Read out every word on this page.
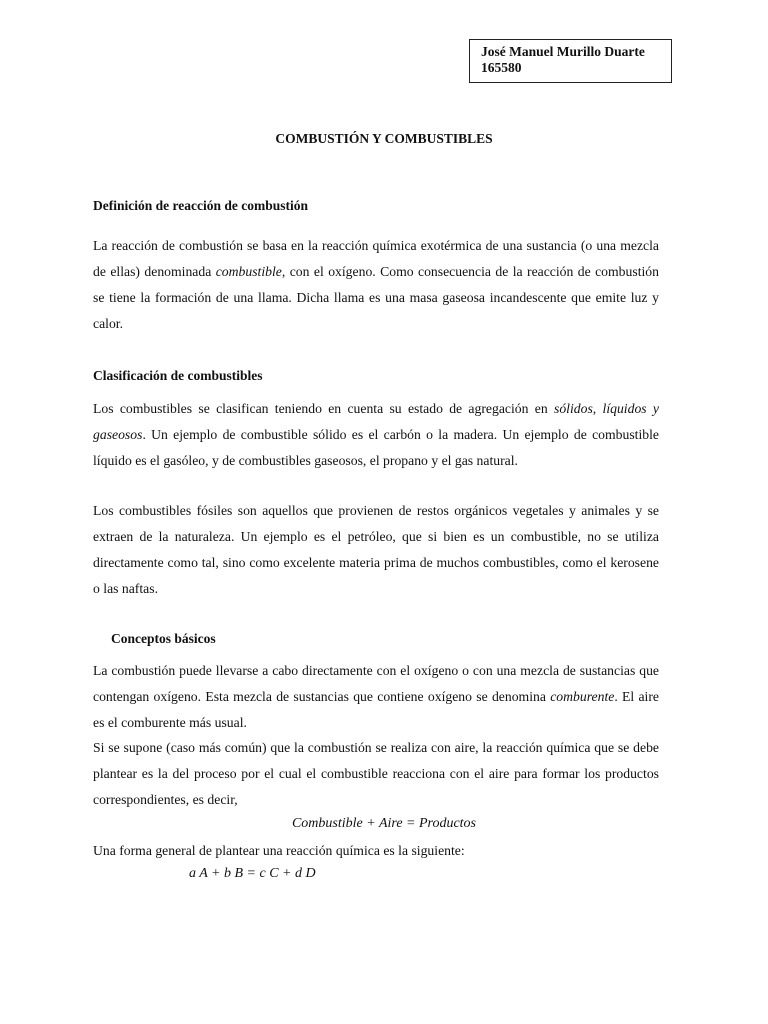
José Manuel Murillo Duarte
165580
COMBUSTIÓN Y COMBUSTIBLES
Definición de reacción de combustión

La reacción de combustión se basa en la reacción química exotérmica de una sustancia (o una mezcla de ellas) denominada combustible, con el oxígeno. Como consecuencia de la reacción de combustión se tiene la formación de una llama. Dicha llama es una masa gaseosa incandescente que emite luz y calor.

Clasificación de combustibles

Los combustibles se clasifican teniendo en cuenta su estado de agregación en sólidos, líquidos y gaseosos. Un ejemplo de combustible sólido es el carbón o la madera. Un ejemplo de combustible líquido es el gasóleo, y de combustibles gaseosos, el propano y el gas natural.

Los combustibles fósiles son aquellos que provienen de restos orgánicos vegetales y animales y se extraen de la naturaleza. Un ejemplo es el petróleo, que si bien es un combustible, no se utiliza directamente como tal, sino como excelente materia prima de muchos combustibles, como el kerosene o las naftas.

Conceptos básicos

La combustión puede llevarse a cabo directamente con el oxígeno o con una mezcla de sustancias que contengan oxígeno. Esta mezcla de sustancias que contiene oxígeno se denomina comburente. El aire es el comburente más usual.

Si se supone (caso más común) que la combustión se realiza con aire, la reacción química que se debe plantear es la del proceso por el cual el combustible reacciona con el aire para formar los productos correspondientes, es decir,

Combustible + Aire = Productos

Una forma general de plantear una reacción química es la siguiente:

a A + b B = c C + d D
